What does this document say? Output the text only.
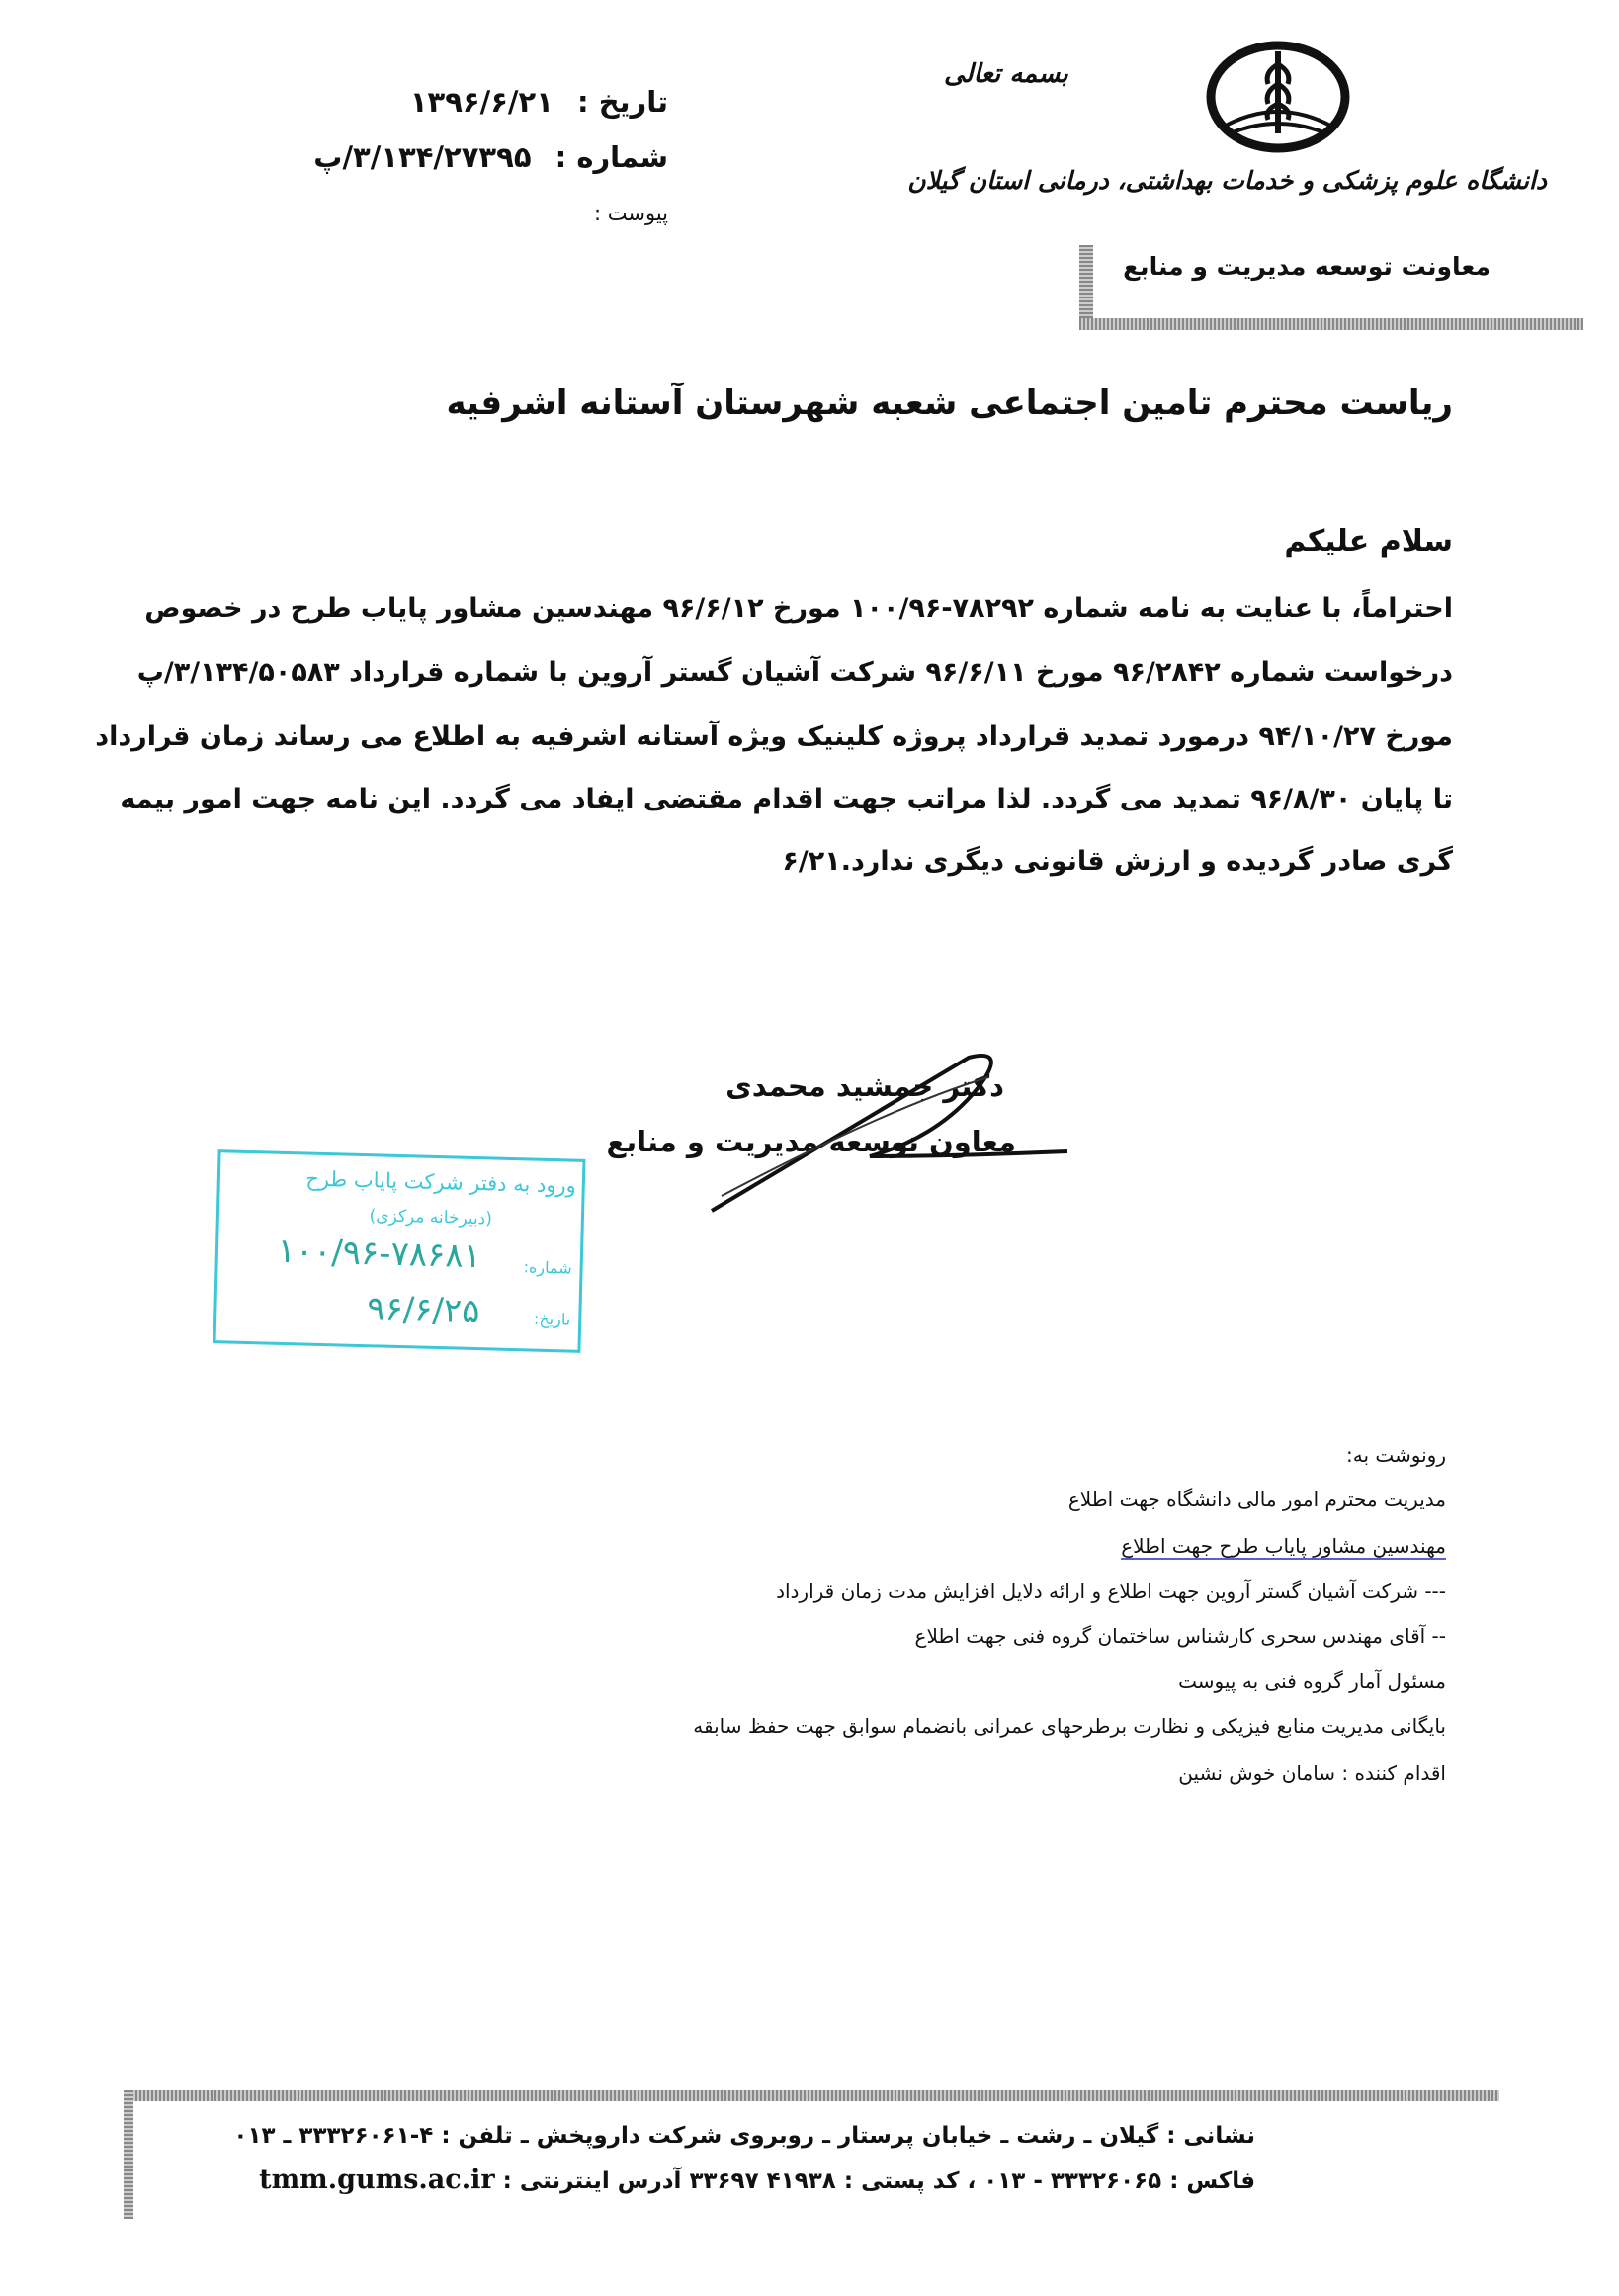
بسمه تعالی
دانشگاه علوم پزشکی و خدمات بهداشتی، درمانی استان گیلان
تاریخ : ۱۳۹۶/۶/۲۱
شماره : ۳/۱۳۴/۲۷۳۹۵/پ
پیوست :
معاونت توسعه مدیریت و منابع
ریاست محترم تامین اجتماعی شعبه شهرستان آستانه اشرفیه
سلام علیکم
احتراماً، با عنایت به نامه شماره ۷۸۲۹۲-۱۰۰/۹۶ مورخ ۹۶/۶/۱۲ مهندسین مشاور پایاب طرح در خصوص
درخواست شماره ۹۶/۲۸۴۲ مورخ ۹۶/۶/۱۱ شرکت آشیان گستر آروین با شماره قرارداد ۳/۱۳۴/۵۰۵۸۳/پ
مورخ ۹۴/۱۰/۲۷ درمورد تمدید قرارداد پروژه کلینیک ویژه آستانه اشرفیه به اطلاع می رساند زمان قرارداد
تا پایان ۹۶/۸/۳۰ تمدید می گردد. لذا مراتب جهت اقدام مقتضی ایفاد می گردد. این نامه جهت امور بیمه
گری صادر گردیده و ارزش قانونی دیگری ندارد.۶/۲۱
دکتر جمشید محمدی
معاون توسعه مدیریت و منابع
ورود به دفتر شرکت پایاب طرح
(دبیرخانه مرکزی)
شماره:
۱۰۰/۹۶-۷۸۶۸۱
تاریخ:
۹۶/۶/۲۵
رونوشت به:
مدیریت محترم امور مالی دانشگاه جهت اطلاع
مهندسین مشاور پایاب طرح جهت اطلاع
--- شرکت آشیان گستر آروین جهت اطلاع و ارائه دلایل افزایش مدت زمان قرارداد
-- آقای مهندس سحری کارشناس ساختمان گروه فنی جهت اطلاع
مسئول آمار گروه فنی به پیوست
بایگانی مدیریت منابع فیزیکی و نظارت برطرحهای عمرانی بانضمام سوابق جهت حفظ سابقه
اقدام کننده : سامان خوش نشین
نشانی : گیلان ـ رشت ـ خیابان پرستار ـ روبروی شرکت داروپخش ـ تلفن : ۴-۳۳۳۲۶۰۶۱ ـ ۰۱۳
فاکس : ۳۳۳۲۶۰۶۵ - ۰۱۳ ، کد پستی : ۴۱۹۳۸ ۳۳۶۹۷ آدرس اینترنتی : tmm.gums.ac.ir
